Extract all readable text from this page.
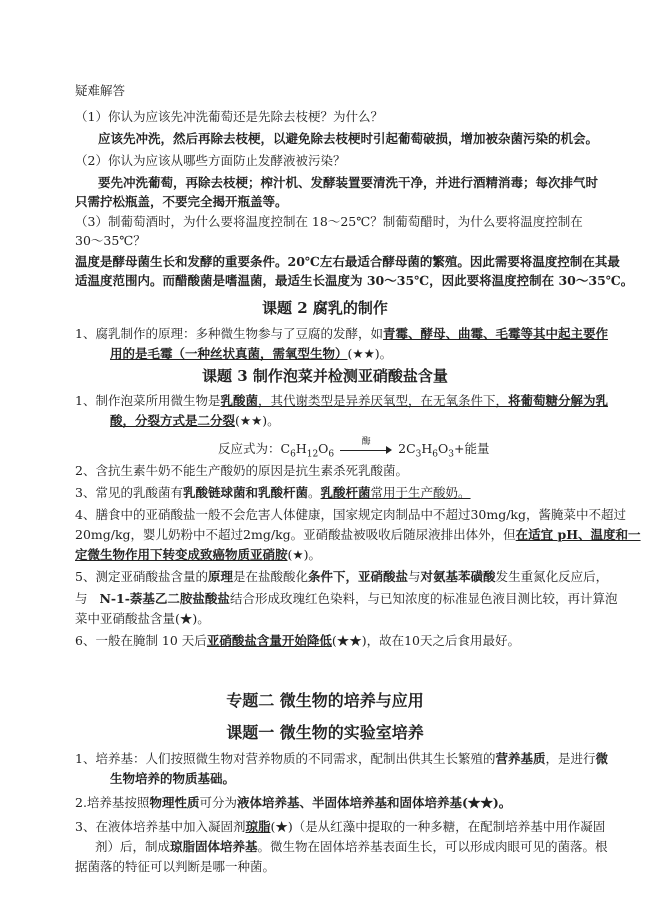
疑难解答
（1）你认为应该先冲洗葡萄还是先除去枝梗？为什么？
应该先冲洗，然后再除去枝梗，以避免除去枝梗时引起葡萄破损，增加被杂菌污染的机会。
（2）你认为应该从哪些方面防止发酵液被污染？
要先冲洗葡萄，再除去枝梗；榨汁机、发酵装置要清洗干净，并进行酒精消毒；每次排气时
只需拧松瓶盖，不要完全揭开瓶盖等。
（3）制葡萄酒时，为什么要将温度控制在 18～25℃？制葡萄醋时，为什么要将温度控制在
30～35℃？
温度是酵母菌生长和发酵的重要条件。20℃左右最适合酵母菌的繁殖。因此需要将温度控制在其最
适温度范围内。而醋酸菌是嗜温菌，最适生长温度为 30～35℃，因此要将温度控制在 30～35℃。
课题 2 腐乳的制作
1、腐乳制作的原理：多种微生物参与了豆腐的发酵，如青霉、酵母、曲霉、毛霉等其中起主要作
用的是毛霉（一种丝状真菌，需氧型生物）(★★)。
课题 3 制作泡菜并检测亚硝酸盐含量
1、制作泡菜所用微生物是乳酸菌，其代谢类型是异养厌氧型，在无氧条件下，将葡萄糖分解为乳
酸，分裂方式是二分裂(★★)。
反应式为：$C_6H_{12}O_6$
酶	$2C_3H_6O_3+$能量
2、含抗生素牛奶不能生产酸奶的原因是抗生素杀死乳酸菌。
3、常见的乳酸菌有乳酸链球菌和乳酸杆菌。乳酸杆菌常用于生产酸奶。
4、膳食中的亚硝酸盐一般不会危害人体健康，国家规定肉制品中不超过30mg/kg，酱腌菜中不超过
20mg/kg，婴儿奶粉中不超过2mg/kg。亚硝酸盐被吸收后随尿液排出体外，但在适宜 pH、温度和一
定微生物作用下转变成致癌物质亚硝胺(★)。
5、测定亚硝酸盐含量的原理是在盐酸酸化条件下，亚硝酸盐与对氨基苯磺酸发生重氮化反应后，
与 N-1-萘基乙二胺盐酸盐结合形成玫瑰红色染料，与已知浓度的标准显色液目测比较，再计算泡
菜中亚硝酸盐含量(★)。
6、一般在腌制 10 天后亚硝酸盐含量开始降低(★★)，故在10天之后食用最好。
专题二 微生物的培养与应用
课题一 微生物的实验室培养
1、培养基：人们按照微生物对营养物质的不同需求，配制出供其生长繁殖的营养基质，是进行微
生物培养的物质基础。
2.培养基按照物理性质可分为液体培养基、半固体培养基和固体培养基(★★)。
3、在液体培养基中加入凝固剂琼脂(★)（是从红藻中提取的一种多糖，在配制培养基中用作凝固
剂）后，制成琼脂固体培养基。微生物在固体培养基表面生长，可以形成肉眼可见的菌落。根
据菌落的特征可以判断是哪一种菌。
